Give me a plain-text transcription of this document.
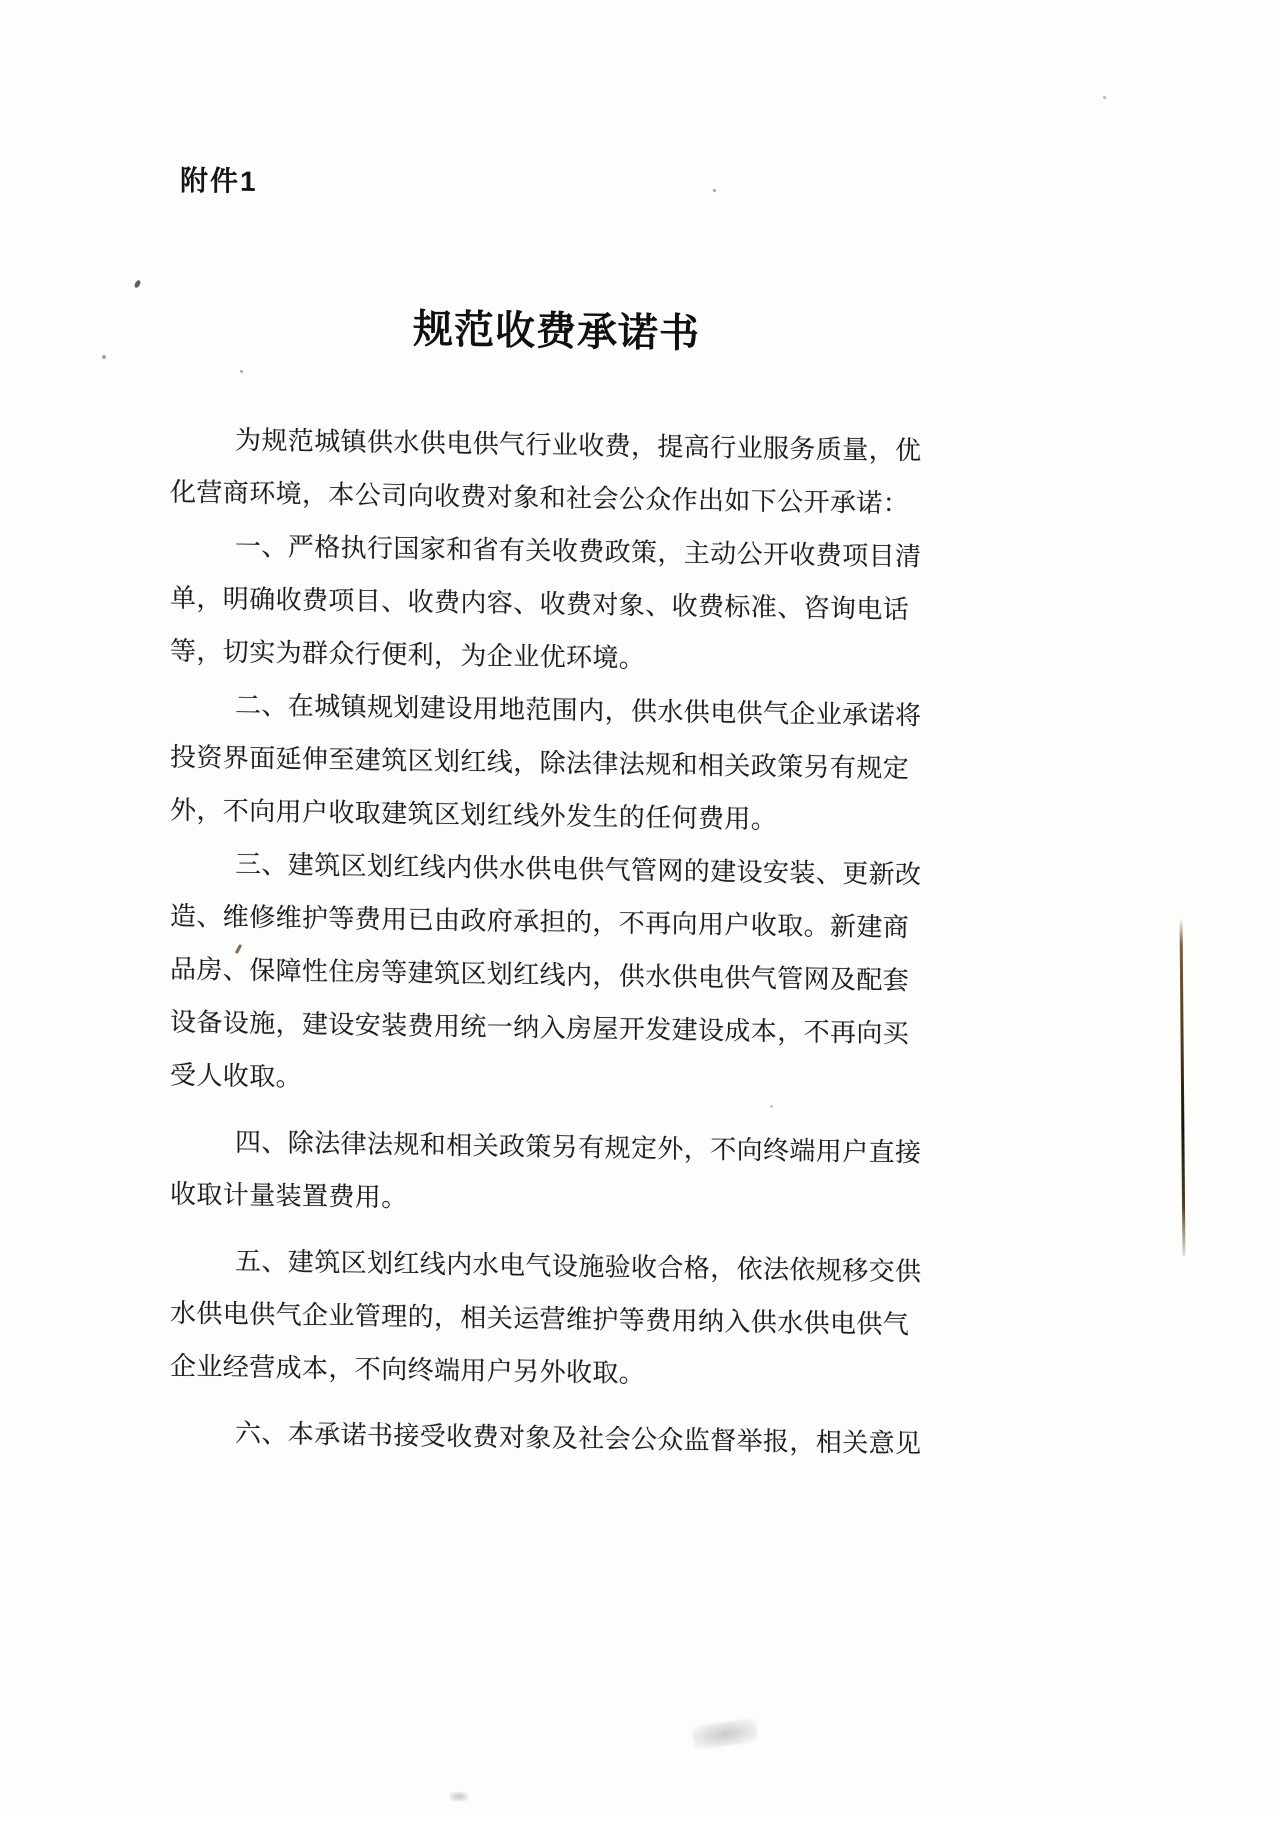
附件1
规范收费承诺书
为规范城镇供水供电供气行业收费，提高行业服务质量，优
化营商环境，本公司向收费对象和社会公众作出如下公开承诺：
一、严格执行国家和省有关收费政策，主动公开收费项目清
单，明确收费项目、收费内容、收费对象、收费标准、咨询电话
等，切实为群众行便利，为企业优环境。
二、在城镇规划建设用地范围内，供水供电供气企业承诺将
投资界面延伸至建筑区划红线，除法律法规和相关政策另有规定
外，不向用户收取建筑区划红线外发生的任何费用。
三、建筑区划红线内供水供电供气管网的建设安装、更新改
造、维修维护等费用已由政府承担的，不再向用户收取。新建商
品房、保障性住房等建筑区划红线内，供水供电供气管网及配套
设备设施，建设安装费用统一纳入房屋开发建设成本，不再向买
受人收取。
四、除法律法规和相关政策另有规定外，不向终端用户直接
收取计量装置费用。
五、建筑区划红线内水电气设施验收合格，依法依规移交供
水供电供气企业管理的，相关运营维护等费用纳入供水供电供气
企业经营成本，不向终端用户另外收取。
六、本承诺书接受收费对象及社会公众监督举报，相关意见
